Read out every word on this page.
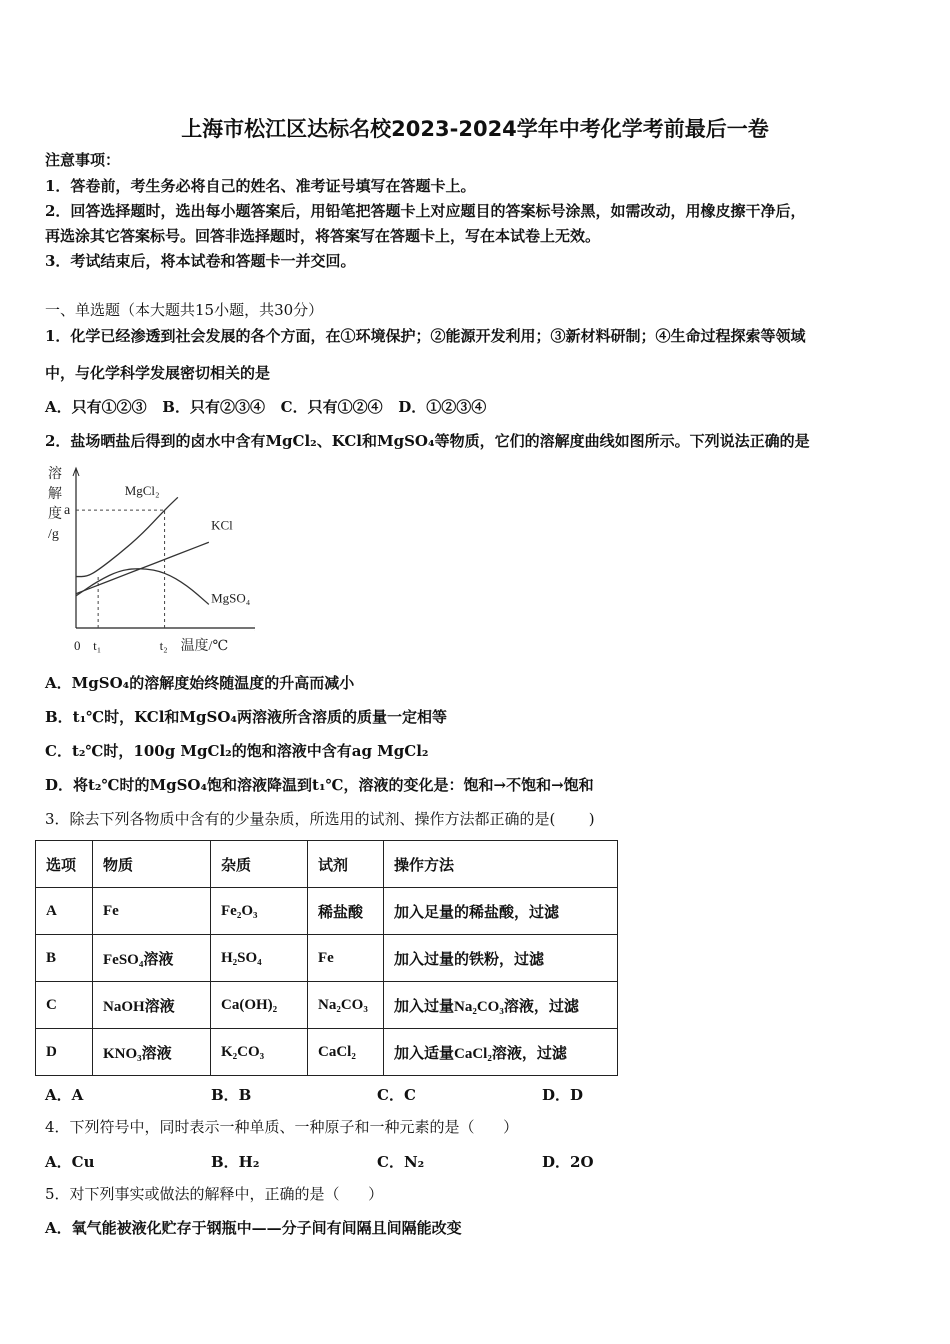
上海市松江区达标名校2023-2024学年中考化学考前最后一卷
注意事项：
1．答卷前，考生务必将自己的姓名、准考证号填写在答题卡上。
2．回答选择题时，选出每小题答案后，用铅笔把答题卡上对应题目的答案标号涂黑，如需改动，用橡皮擦干净后，
再选涂其它答案标号。回答非选择题时，将答案写在答题卡上，写在本试卷上无效。
3．考试结束后，将本试卷和答题卡一并交回。
一、单选题（本大题共15小题，共30分）
1．化学已经渗透到社会发展的各个方面，在①环境保护；②能源开发利用；③新材料研制；④生命过程探索等领域
中，与化学科学发展密切相关的是
A．只有①②③   B．只有②③④   C．只有①②④   D．①②③④
2．盐场晒盐后得到的卤水中含有MgCl₂、KCl和MgSO₄等物质，它们的溶解度曲线如图所示。下列说法正确的是
溶
解
度
/g
0 t₁	t₂ 温度/℃
a
MgCl₂
KCl
MgSO₄
A．MgSO₄的溶解度始终随温度的升高而减小
B．t₁℃时，KCl和MgSO₄两溶液所含溶质的质量一定相等
C．t₂℃时，100g MgCl₂的饱和溶液中含有ag MgCl₂
D．将t₂℃时的MgSO₄饱和溶液降温到t₁℃，溶液的变化是：饱和→不饱和→饱和
3．除去下列各物质中含有的少量杂质，所选用的试剂、操作方法都正确的是(       )
选项	物质	杂质	试剂	操作方法
A	Fe	Fe₂O₃	稀盐酸	加入足量的稀盐酸，过滤
B	FeSO₄溶液	H₂SO₄	Fe	加入过量的铁粉，过滤
C	NaOH溶液	Ca(OH)₂	Na₂CO₃	加入过量Na₂CO₃溶液，过滤
D	KNO₃溶液	K₂CO₃	CaCl₂	加入适量CaCl₂溶液，过滤
A．A	B．B	C．C	D．D
4．下列符号中，同时表示一种单质、一种原子和一种元素的是（      ）
A．Cu	B．H₂	C．N₂	D．2O
5．对下列事实或做法的解释中，正确的是（      ）
A．氧气能被液化贮存于钢瓶中——分子间有间隔且间隔能改变
